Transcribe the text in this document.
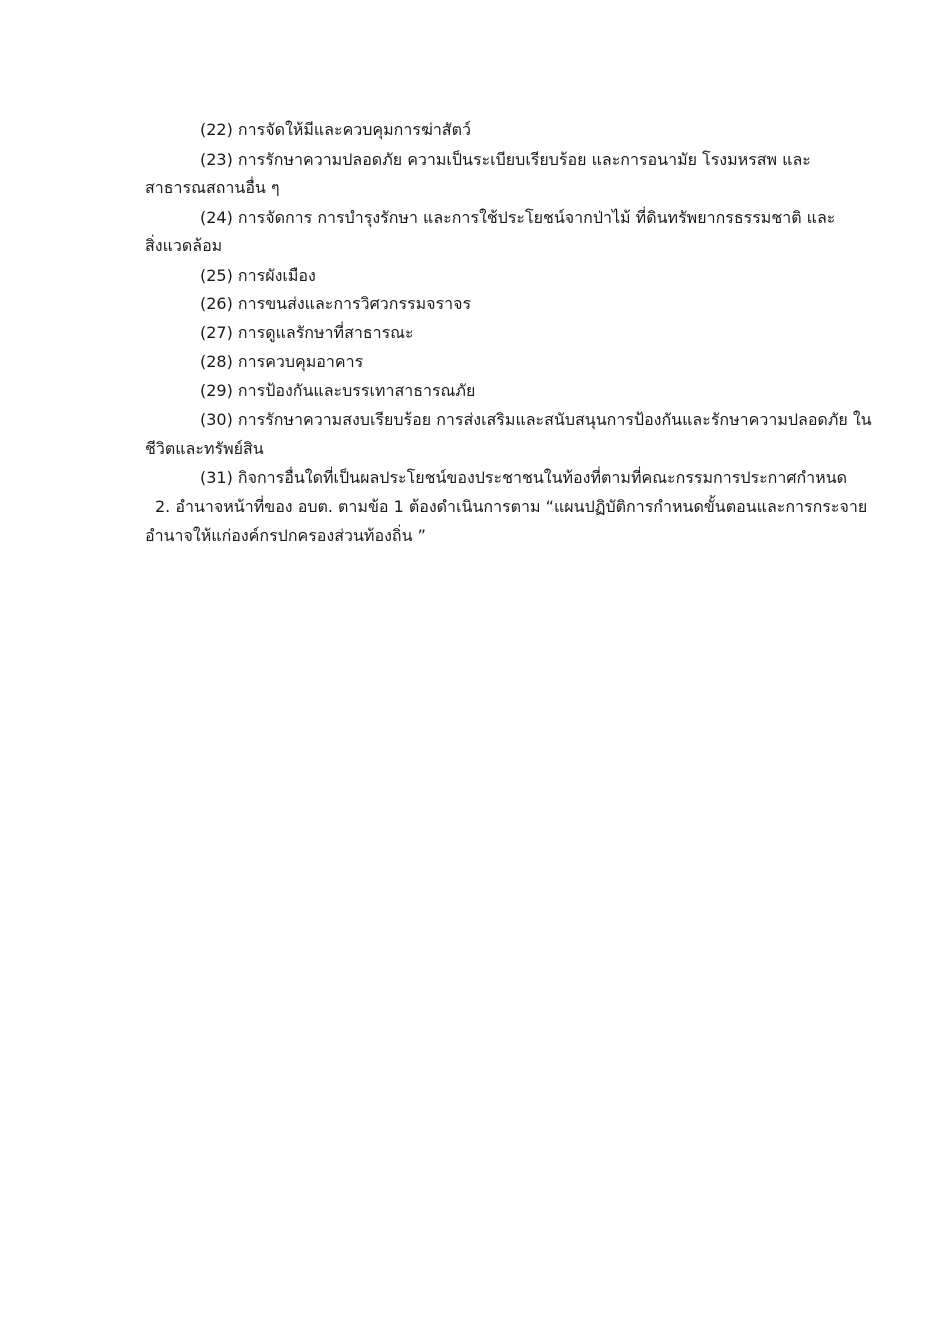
(22) การจัดให้มีและควบคุมการฆ่าสัตว์
(23) การรักษาความปลอดภัย ความเป็นระเบียบเรียบร้อย และการอนามัย โรงมหรสพ และ
สาธารณสถานอื่น ๆ
(24) การจัดการ การบำรุงรักษา และการใช้ประโยชน์จากป่าไม้ ที่ดินทรัพยากรธรรมชาติ และ
สิ่งแวดล้อม
(25) การผังเมือง
(26) การขนส่งและการวิศวกรรมจราจร
(27) การดูแลรักษาที่สาธารณะ
(28) การควบคุมอาคาร
(29) การป้องกันและบรรเทาสาธารณภัย
(30) การรักษาความสงบเรียบร้อย การส่งเสริมและสนับสนุนการป้องกันและรักษาความปลอดภัย ใน
ชีวิตและทรัพย์สิน
(31) กิจการอื่นใดที่เป็นผลประโยชน์ของประชาชนในท้องที่ตามที่คณะกรรมการประกาศกำหนด
2. อำนาจหน้าที่ของ อบต. ตามข้อ 1 ต้องดำเนินการตาม “แผนปฏิบัติการกำหนดขั้นตอนและการกระจาย
อำนาจให้แก่องค์กรปกครองส่วนท้องถิ่น ”
